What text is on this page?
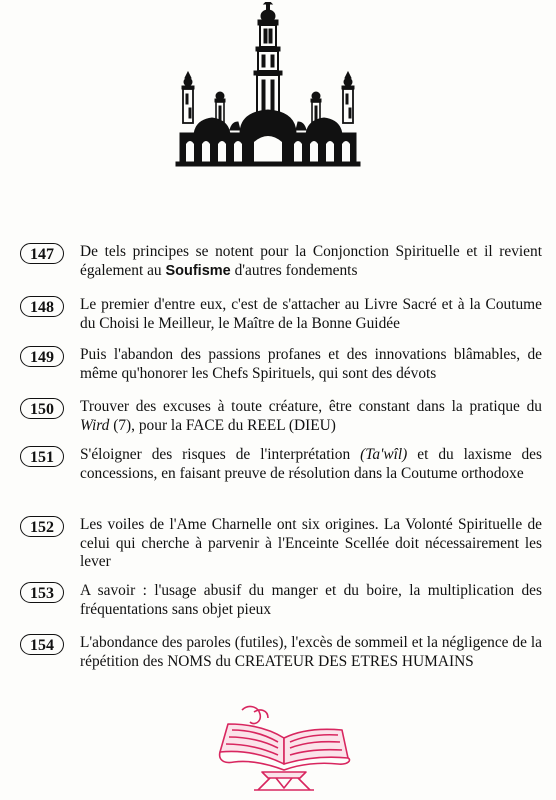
147	De tels principes se notent pour la Conjonction Spirituelle et il revient également au Soufisme d'autres fondements
148	Le premier d'entre eux, c'est de s'attacher au Livre Sacré et à la Coutume du Choisi le Meilleur, le Maître de la Bonne Guidée
149	Puis l'abandon des passions profanes et des innovations blâmables, de même qu'honorer les Chefs Spirituels, qui sont des dévots
150	Trouver des excuses à toute créature, être constant dans la pratique du Wird (7), pour la FACE du REEL (DIEU)
151	S'éloigner des risques de l'interprétation (Ta'wîl) et du laxisme des concessions, en faisant preuve de résolution dans la Coutume orthodoxe
152	Les voiles de l'Ame Charnelle ont six origines. La Volonté Spirituelle de celui qui cherche à parvenir à l'Enceinte Scellée doit nécessairement les lever
153	A savoir : l'usage abusif du manger et du boire, la multiplication des fréquentations sans objet pieux
154	L'abondance des paroles (futiles), l'excès de sommeil et la négligence de la répétition des NOMS du CREATEUR DES ETRES HUMAINS
